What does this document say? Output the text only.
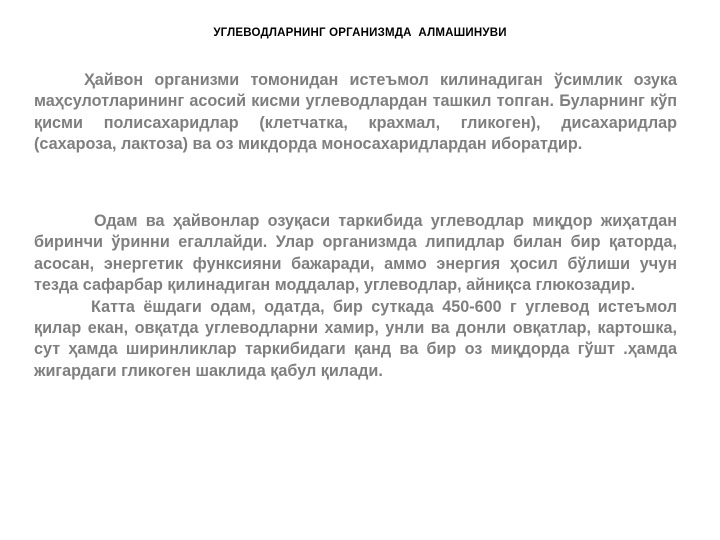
УГЛЕВОДЛАРНИНГ ОРГАНИЗМДА  АЛМАШИНУВИ

Ҳайвон организми томонидан истеъмол килинадиган ўсимлик озука маҳсулотларининг асосий кисми углеводлардан ташкил топган. Буларнинг кўп қисми полисахаридлар (клетчатка, крахмал, гликоген), дисахаридлар (сахароза, лактоза) ва оз микдорда моносахаридлардан иборатдир.

Одам ва ҳайвонлар озуқаси таркибида углеводлар миқдор жиҳатдан биринчи ўринни егаллайди. Улар организмда липидлар билан бир қаторда, асосан, энергетик функсияни бажаради, аммо энергия ҳосил бўлиши учун тезда сафарбар қилинадиган моддалар, углеводлар, айниқса глюкозадир.

Катта ёшдаги одам, одатда, бир суткада 450-600 г углевод истеъмол қилар екан, овқатда углеводларни хамир, унли ва донли овқатлар, картошка, сут ҳамда ширинликлар таркибидаги қанд ва бир оз миқдорда гўшт .ҳамда жигардаги гликоген шаклида қабул қилади.
